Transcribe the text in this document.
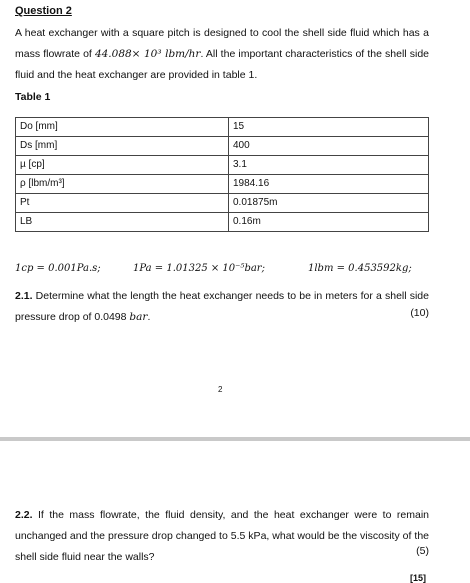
Question 2
A heat exchanger with a square pitch is designed to cool the shell side fluid which has a mass flowrate of 44.088× 10³ lbm/hr. All the important characteristics of the shell side fluid and the heat exchanger are provided in table 1.
Table 1
Do [mm]	15
Ds [mm]	400
µ [cp]	3.1
ρ [lbm/m³]	1984.16
Pt	0.01875m
LB	0.16m
1cp = 0.001Pa.s;	1Pa = 1.01325 × 10⁻⁵bar;	1lbm = 0.453592kg;
2.1. Determine what the length the heat exchanger needs to be in meters for a shell side pressure drop of 0.0498 bar.	(10)
2
2.2. If the mass flowrate, the fluid density, and the heat exchanger were to remain unchanged and the pressure drop changed to 5.5 kPa, what would be the viscosity of the shell side fluid near the walls?	(5)
[15]
